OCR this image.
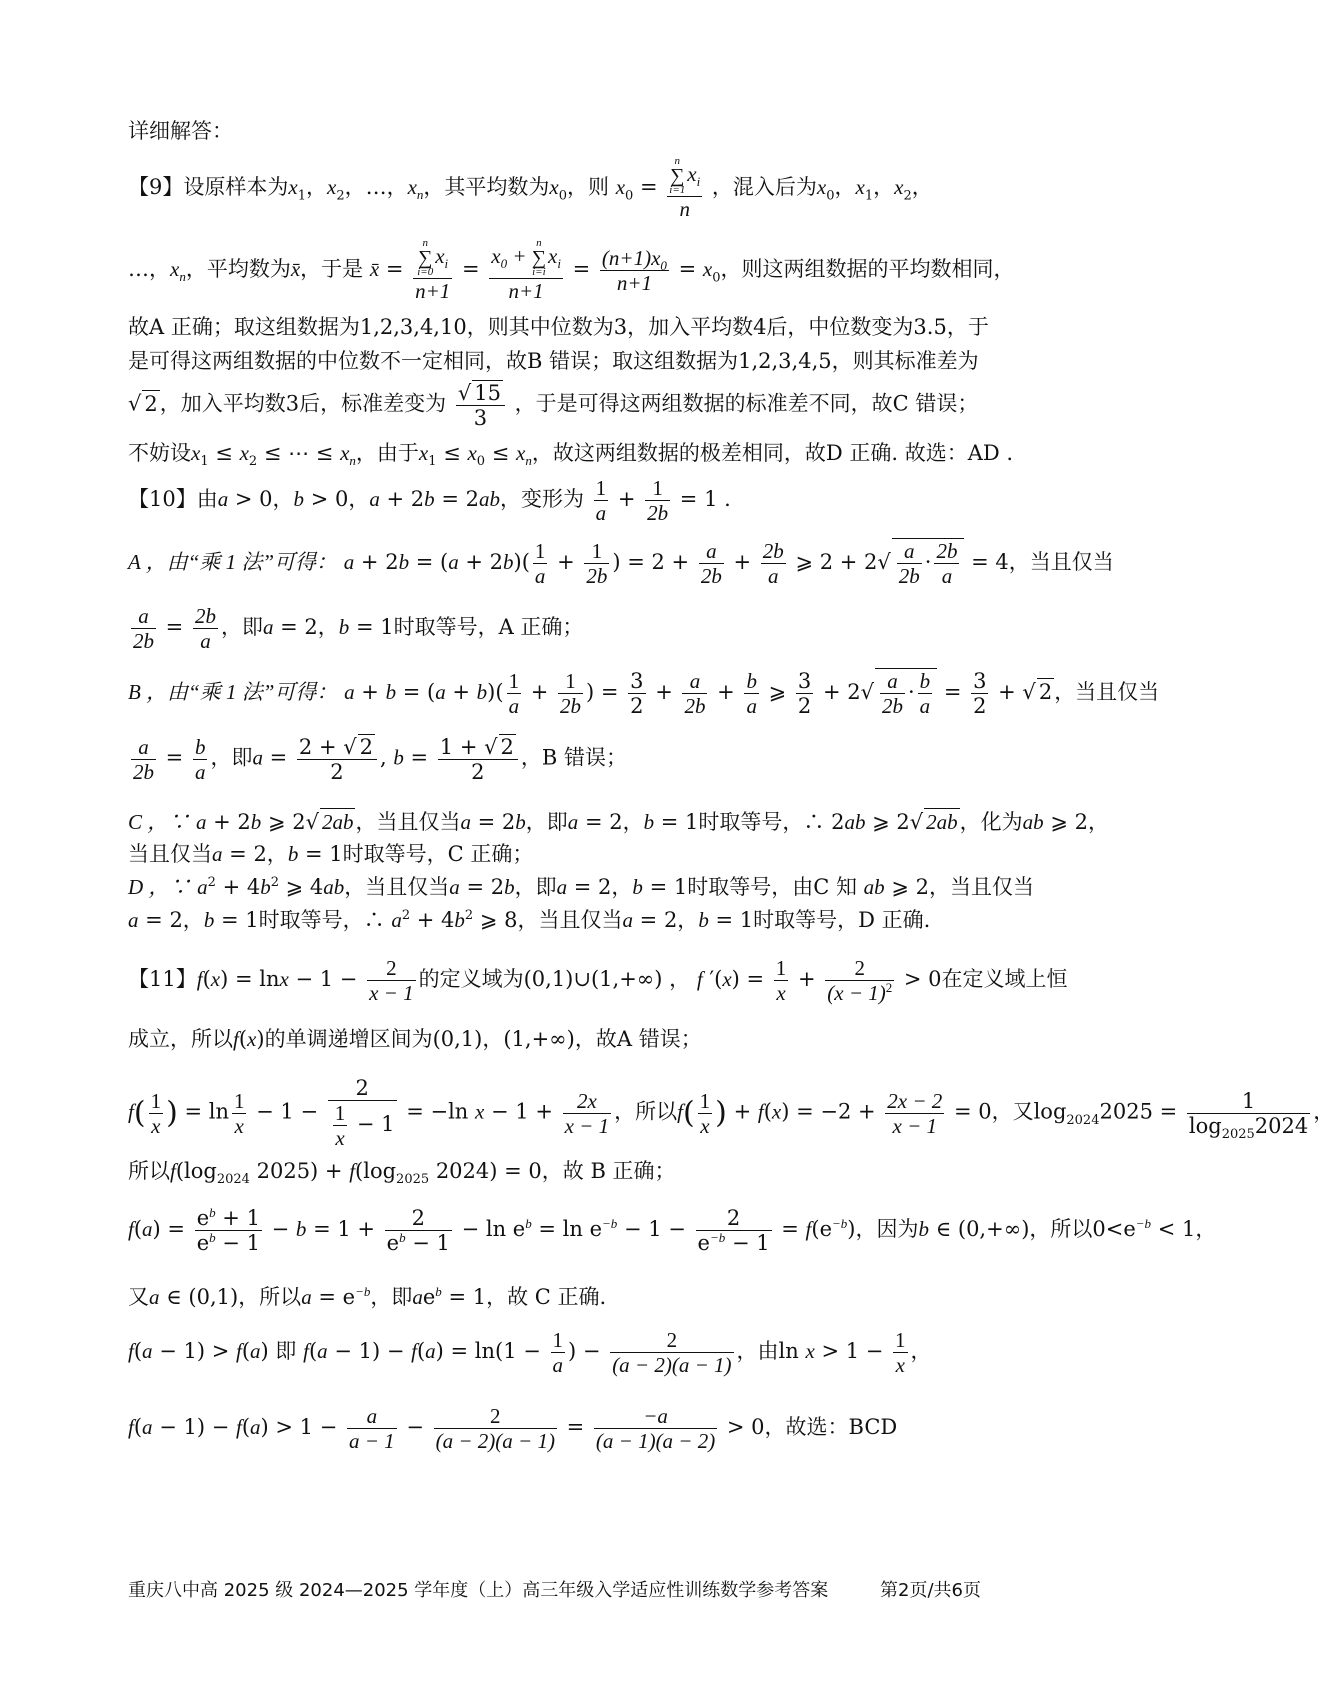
详细解答：
【9】设原样本为$x_1$，$x_2$，…，$x_n$，其平均数为$x_0$，则 $x_0 = n$
∑
$i=1x_i$
n ，混入后为$x_0$，$x_1$，$x_2$，
…，$x_n$，平均数为x̄，于是 x̄ = n
∑
$i=0x_i$
$n+1 = x_0 + n$
∑
$i=ix_i$
$n+1 = \frac{(n+1)x_0}{n+1} = x_0$，则这两组数据的平均数相同，
故A 正确；取这组数据为1,2,3,4,10，则其中位数为3，加入平均数4后，中位数变为3.5，于
是可得这两组数据的中位数不一定相同，故B 错误；取这组数据为1,2,3,4,5，则其标准差为
√ 2，加入平均数3后，标准差变为 $\frac{√ 15}{3}$ ，于是可得这两组数据的标准差不同，故C 错误；
不妨设$x_1 \le x_2$ ≤ ⋯ ≤ $x_n$，由于$x_1 \le x_0 \le x_n$，故这两组数据的极差相同，故D 正确. 故选：AD .
【10】由a > 0，b > 0，a + 2b = 2ab，变形为 $\frac{1}{a} + \frac{1}{2b} = 1$ .
A ，由“乘 1 法”可得： $a + 2b = (a + 2b)( \frac{1}{a} + \frac{1}{2b}$ ) = $2 + \frac{a}{2b} + \frac{2b}{a}$ ⩾ $2 + 2√ \frac{a}{2b} \cdot \frac{2b}{a} = 4$，当且仅当
$\frac{a}{2b} = \frac{2b}{a}$ ，即a = 2，b = 1时取等号，A 正确；
B ，由“乘 1 法”可得： $a + b = (a + b)( \frac{1}{a} + \frac{1}{2b}$ ) = $\frac{3}{2} + \frac{a}{2b} + \frac{b}{a}$ ⩾ $\frac{3}{2} + 2√ \frac{a}{2b} \cdot \frac{b}{a} = \frac{3}{2}$ + √ 2，当且仅当
$\frac{a}{2b} = \frac{b}{a}$ ，即$a = \frac{2 + √ 2}{2}$ , $b = \frac{1 + √ 2}{2}$ ，B 错误；
C ，∵ a + 2b ⩾ 2√ 2ab，当且仅当a = 2b，即a = 2，b = 1时取等号，∴ 2ab ⩾ 2√ 2ab，化为ab ⩾ 2，
当且仅当a = 2，b = 1时取等号，C 正确；
D ，∵ $a^2 + 4b^2$ ⩾ 4ab，当且仅当a = 2b，即a = 2，b = 1时取等号，由C 知 ab ⩾ 2，当且仅当
a = 2，b = 1时取等号，∴ $a^2 + 4b^2$ ⩾ 8，当且仅当a = 2，b = 1时取等号，D 正确.
【11】$f(x) = \ln x - 1 - \frac{2}{x - 1}$ 的定义域为(0,1)∪(1,+∞) ， f $'(x) = \frac{1}{x} + \frac{2}{(x - 1)^2} > 0$在定义域上恒
成立，所以f(x)的单调递增区间为(0,1)，(1,+∞)，故A 错误；
$f( \frac{1}{x}$ ) = $\ln \frac{1}{x} - 1 - \frac{2}{\frac{1}{x} - 1} = -\ln$ $x - 1 + \frac{2x}{x - 1}$ ，所以$f( \frac{1}{x}$ ) + $f(x) = -2 + \frac{2x - 2}{x - 1} = 0$，又$\log_{2024}2025 = \frac{1}{\log_{2025}2024}$ ，
所以$f(\log_{2024}$ $2025) + f(\log_{2025}$ 2024) = 0，故 B 正确；
$f(a) = \frac{e^b + 1}{e^b - 1} - b = 1 + \frac{2}{e^b - 1} - \ln e^b = \ln e^{-b} - 1 - \frac{2}{e^{-b} - 1} = f(e^{-b})$，因为b ∈ (0,+∞)，所以$0<e^{-b} < 1$，
又a ∈ (0,1)，所以$a = e^{-b}$，即$ae^b = 1$，故 C 正确.
f(a − 1) > f(a) 即 $f(a - 1) - f(a) = \ln(1 - \frac{1}{a}$ ) − $\frac{2}{(a - 2)(a - 1)}$ ，由$\ln x > 1 - \frac{1}{x}$ ，
$f(a - 1) - f(a) > 1 - \frac{a}{a - 1} - \frac{2}{(a - 2)(a - 1)} = \frac{-a}{(a - 1)(a - 2)} > 0$，故选：BCD
重庆八中高 2025 级 2024—2025 学年度（上）高三年级入学适应性训练数学参考答案	第2页/共6页
